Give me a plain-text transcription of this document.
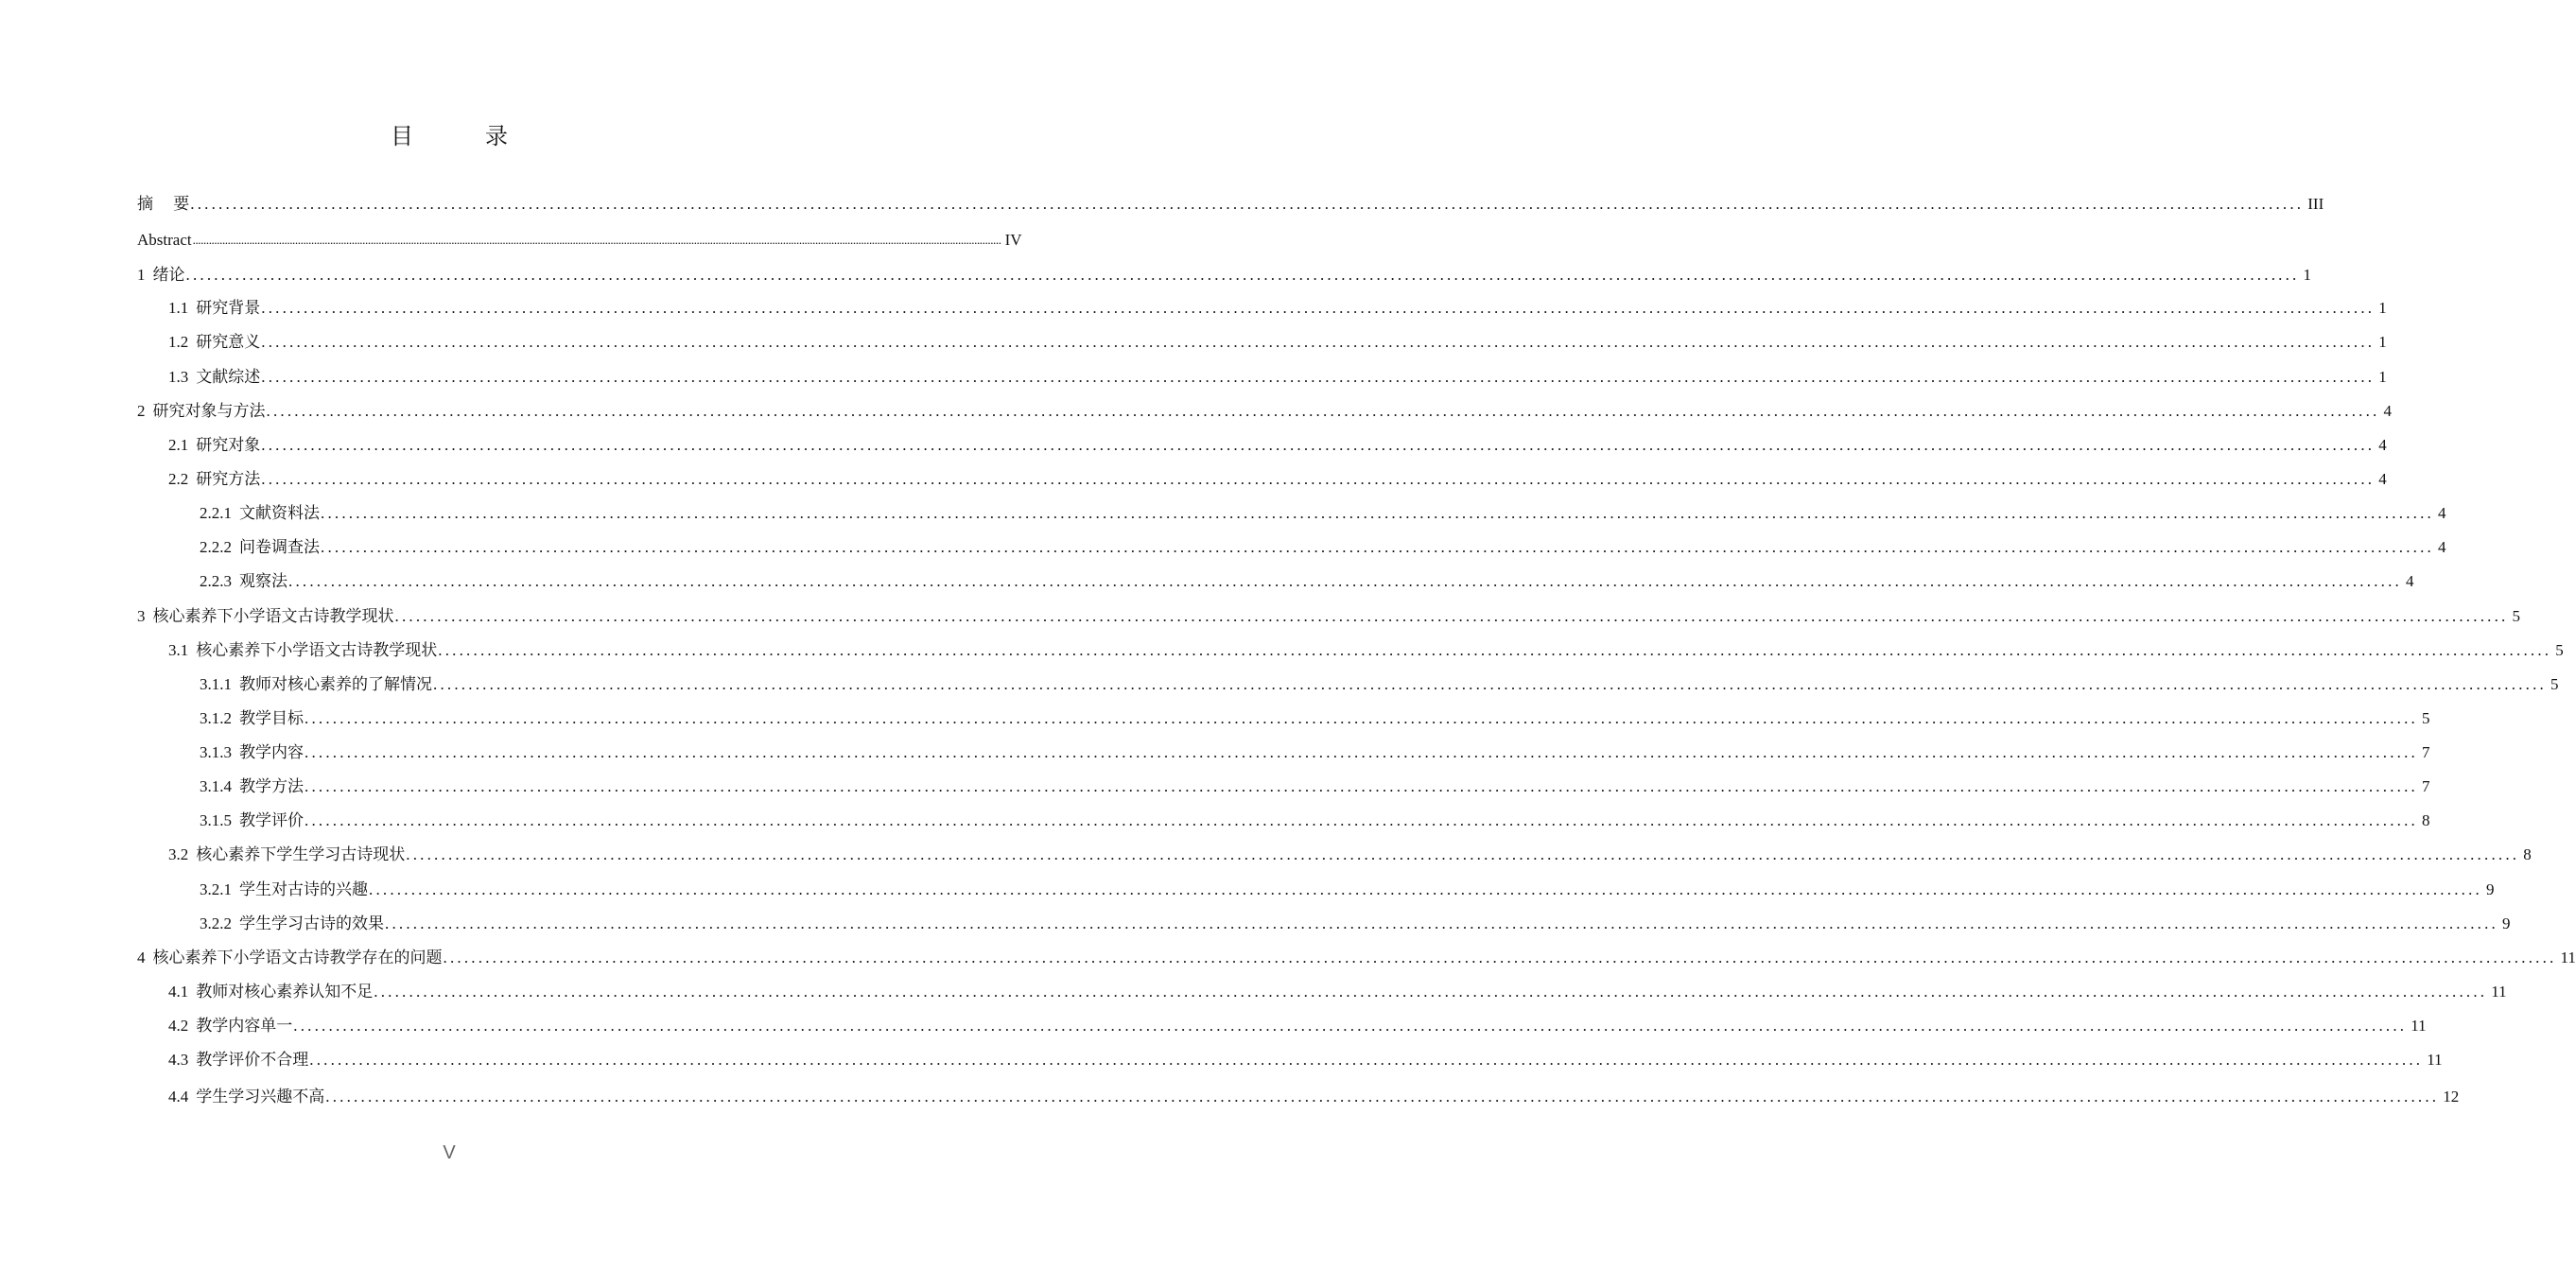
目　录
摘　 要 ............................................................................................................................................................................................................................................................................................................ III
Abstract ............................................................................................................................................................................................................................................................................................................ IV
1 绪论 ............................................................................................................................................................................................................................................................................................................ 1
1.1 研究背景 ............................................................................................................................................................................................................................................................................................................ 1
1.2 研究意义 ............................................................................................................................................................................................................................................................................................................ 1
1.3 文献综述 ............................................................................................................................................................................................................................................................................................................ 1
2 研究对象与方法 ............................................................................................................................................................................................................................................................................................................ 4
2.1 研究对象 ............................................................................................................................................................................................................................................................................................................ 4
2.2 研究方法 ............................................................................................................................................................................................................................................................................................................ 4
2.2.1 文献资料法 ............................................................................................................................................................................................................................................................................................................ 4
2.2.2 问卷调查法 ............................................................................................................................................................................................................................................................................................................ 4
2.2.3 观察法 ............................................................................................................................................................................................................................................................................................................ 4
3 核心素养下小学语文古诗教学现状 ............................................................................................................................................................................................................................................................................................................ 5
3.1 核心素养下小学语文古诗教学现状 ............................................................................................................................................................................................................................................................................................................ 5
3.1.1 教师对核心素养的了解情况 ............................................................................................................................................................................................................................................................................................................ 5
3.1.2 教学目标 ............................................................................................................................................................................................................................................................................................................ 5
3.1.3 教学内容 ............................................................................................................................................................................................................................................................................................................ 7
3.1.4 教学方法 ............................................................................................................................................................................................................................................................................................................ 7
3.1.5 教学评价 ............................................................................................................................................................................................................................................................................................................ 8
3.2 核心素养下学生学习古诗现状 ............................................................................................................................................................................................................................................................................................................ 8
3.2.1 学生对古诗的兴趣 ............................................................................................................................................................................................................................................................................................................ 9
3.2.2 学生学习古诗的效果 ............................................................................................................................................................................................................................................................................................................ 9
4 核心素养下小学语文古诗教学存在的问题 ............................................................................................................................................................................................................................................................................................................ 11
4.1 教师对核心素养认知不足 ............................................................................................................................................................................................................................................................................................................ 11
4.2 教学内容单一 ............................................................................................................................................................................................................................................................................................................ 11
4.3 教学评价不合理 ............................................................................................................................................................................................................................................................................................................ 11
4.4 学生学习兴趣不高 ............................................................................................................................................................................................................................................................................................................ 12
V
